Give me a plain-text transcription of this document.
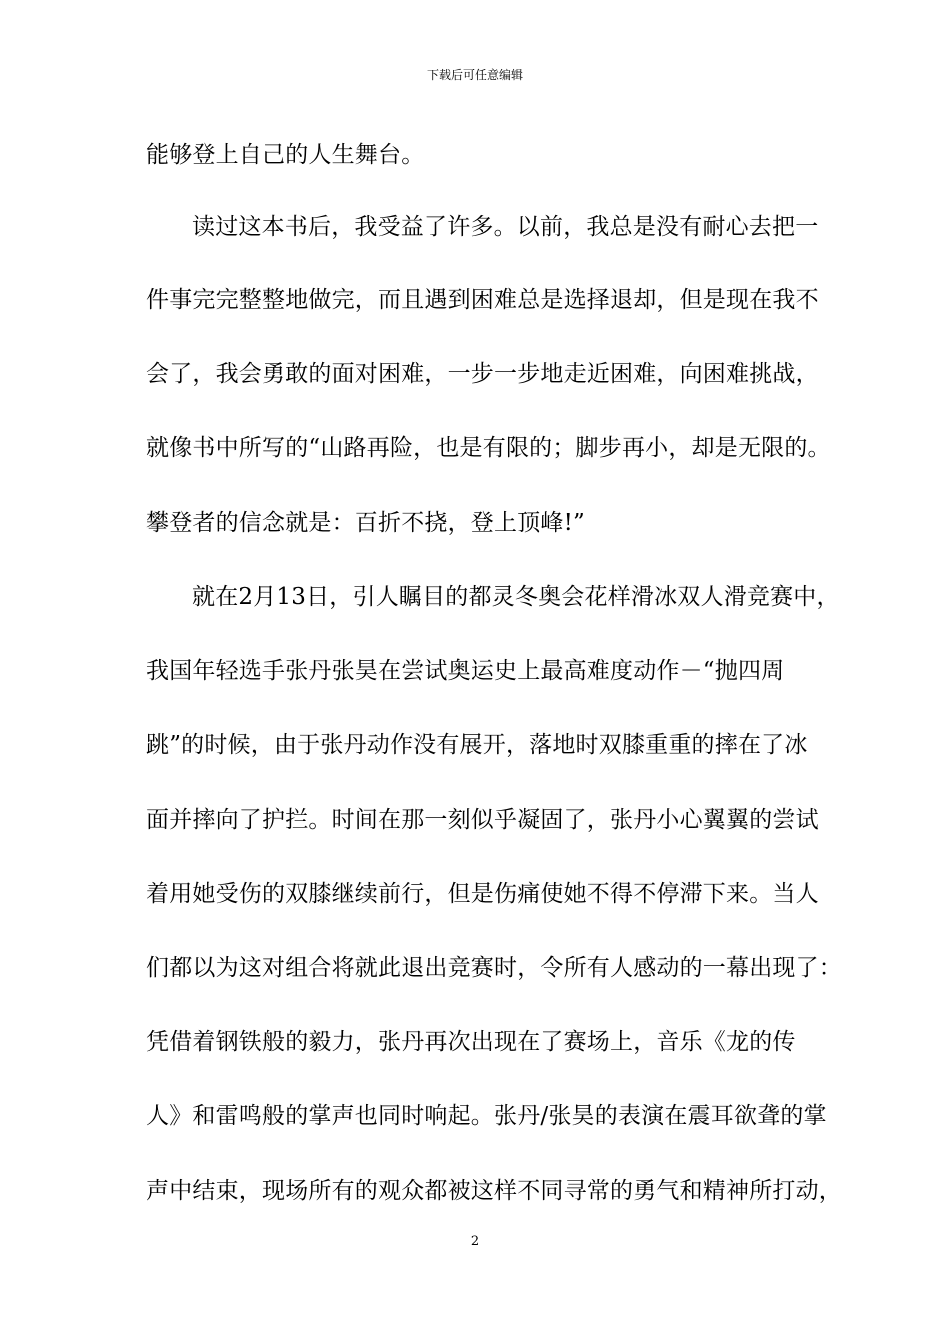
下载后可任意编辑
能够登上自己的人生舞台。
读过这本书后，我受益了许多。以前，我总是没有耐心去把一
件事完完整整地做完，而且遇到困难总是选择退却，但是现在我不
会了，我会勇敢的面对困难，一步一步地走近困难，向困难挑战，
就像书中所写的“山路再险，也是有限的；脚步再小，却是无限的。
攀登者的信念就是：百折不挠，登上顶峰!”
就在2月13日，引人瞩目的都灵冬奥会花样滑冰双人滑竞赛中，
我国年轻选手张丹张昊在尝试奥运史上最高难度动作－“抛四周
跳”的时候，由于张丹动作没有展开，落地时双膝重重的摔在了冰
面并摔向了护拦。时间在那一刻似乎凝固了，张丹小心翼翼的尝试
着用她受伤的双膝继续前行，但是伤痛使她不得不停滞下来。当人
们都以为这对组合将就此退出竞赛时，令所有人感动的一幕出现了：
凭借着钢铁般的毅力，张丹再次出现在了赛场上，音乐《龙的传
人》和雷鸣般的掌声也同时响起。张丹/张昊的表演在震耳欲聋的掌
声中结束，现场所有的观众都被这样不同寻常的勇气和精神所打动，
2
